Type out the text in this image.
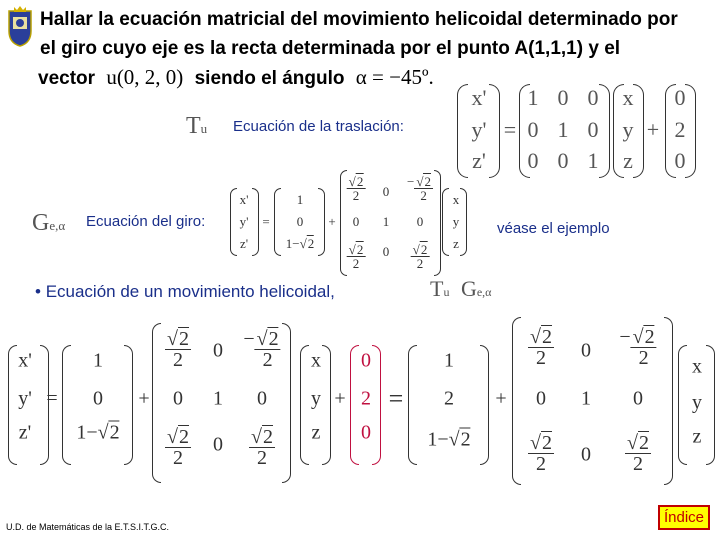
Hallar la ecuación matricial del movimiento helicoidal determinado por
el giro cuyo eje es la recta determinada por el punto A(1,1,1) y el
vector u(0, 2, 0) siendo el ángulo α = −45º.
Tu Ecuación de la traslación:
x'
y'
z'
=
1 0 0
0 1 0
0 0 1
x
y
z
+
0
2
0
Ge,α Ecuación del giro:
x'
y'
z'
=
1
0
1−√2
+
$\frac{√2}{2} 0$
− $\frac{√2}{2}$
0 1 0
$\frac{√2}{2} 0 \frac{√2}{2}$
x
y
z
véase el ejemplo
• Ecuación de un movimiento helicoidal,	Tu Ge,α
x'
y'
z'
=
1
0
1−√2
+
$\frac{√2}{2} 0$
− $\frac{√2}{2}$
0 1 0
$\frac{√2}{2} 0 \frac{√2}{2}$
x
y
z
+
0
2
0
=
1
2
1−√2
+
$\frac{√2}{2} 0$
− $\frac{√2}{2}$
0 1 0
$\frac{√2}{2} 0 \frac{√2}{2}$
x
y
z
U.D. de Matemáticas de la E.T.S.I.T.G.C.
Índice
